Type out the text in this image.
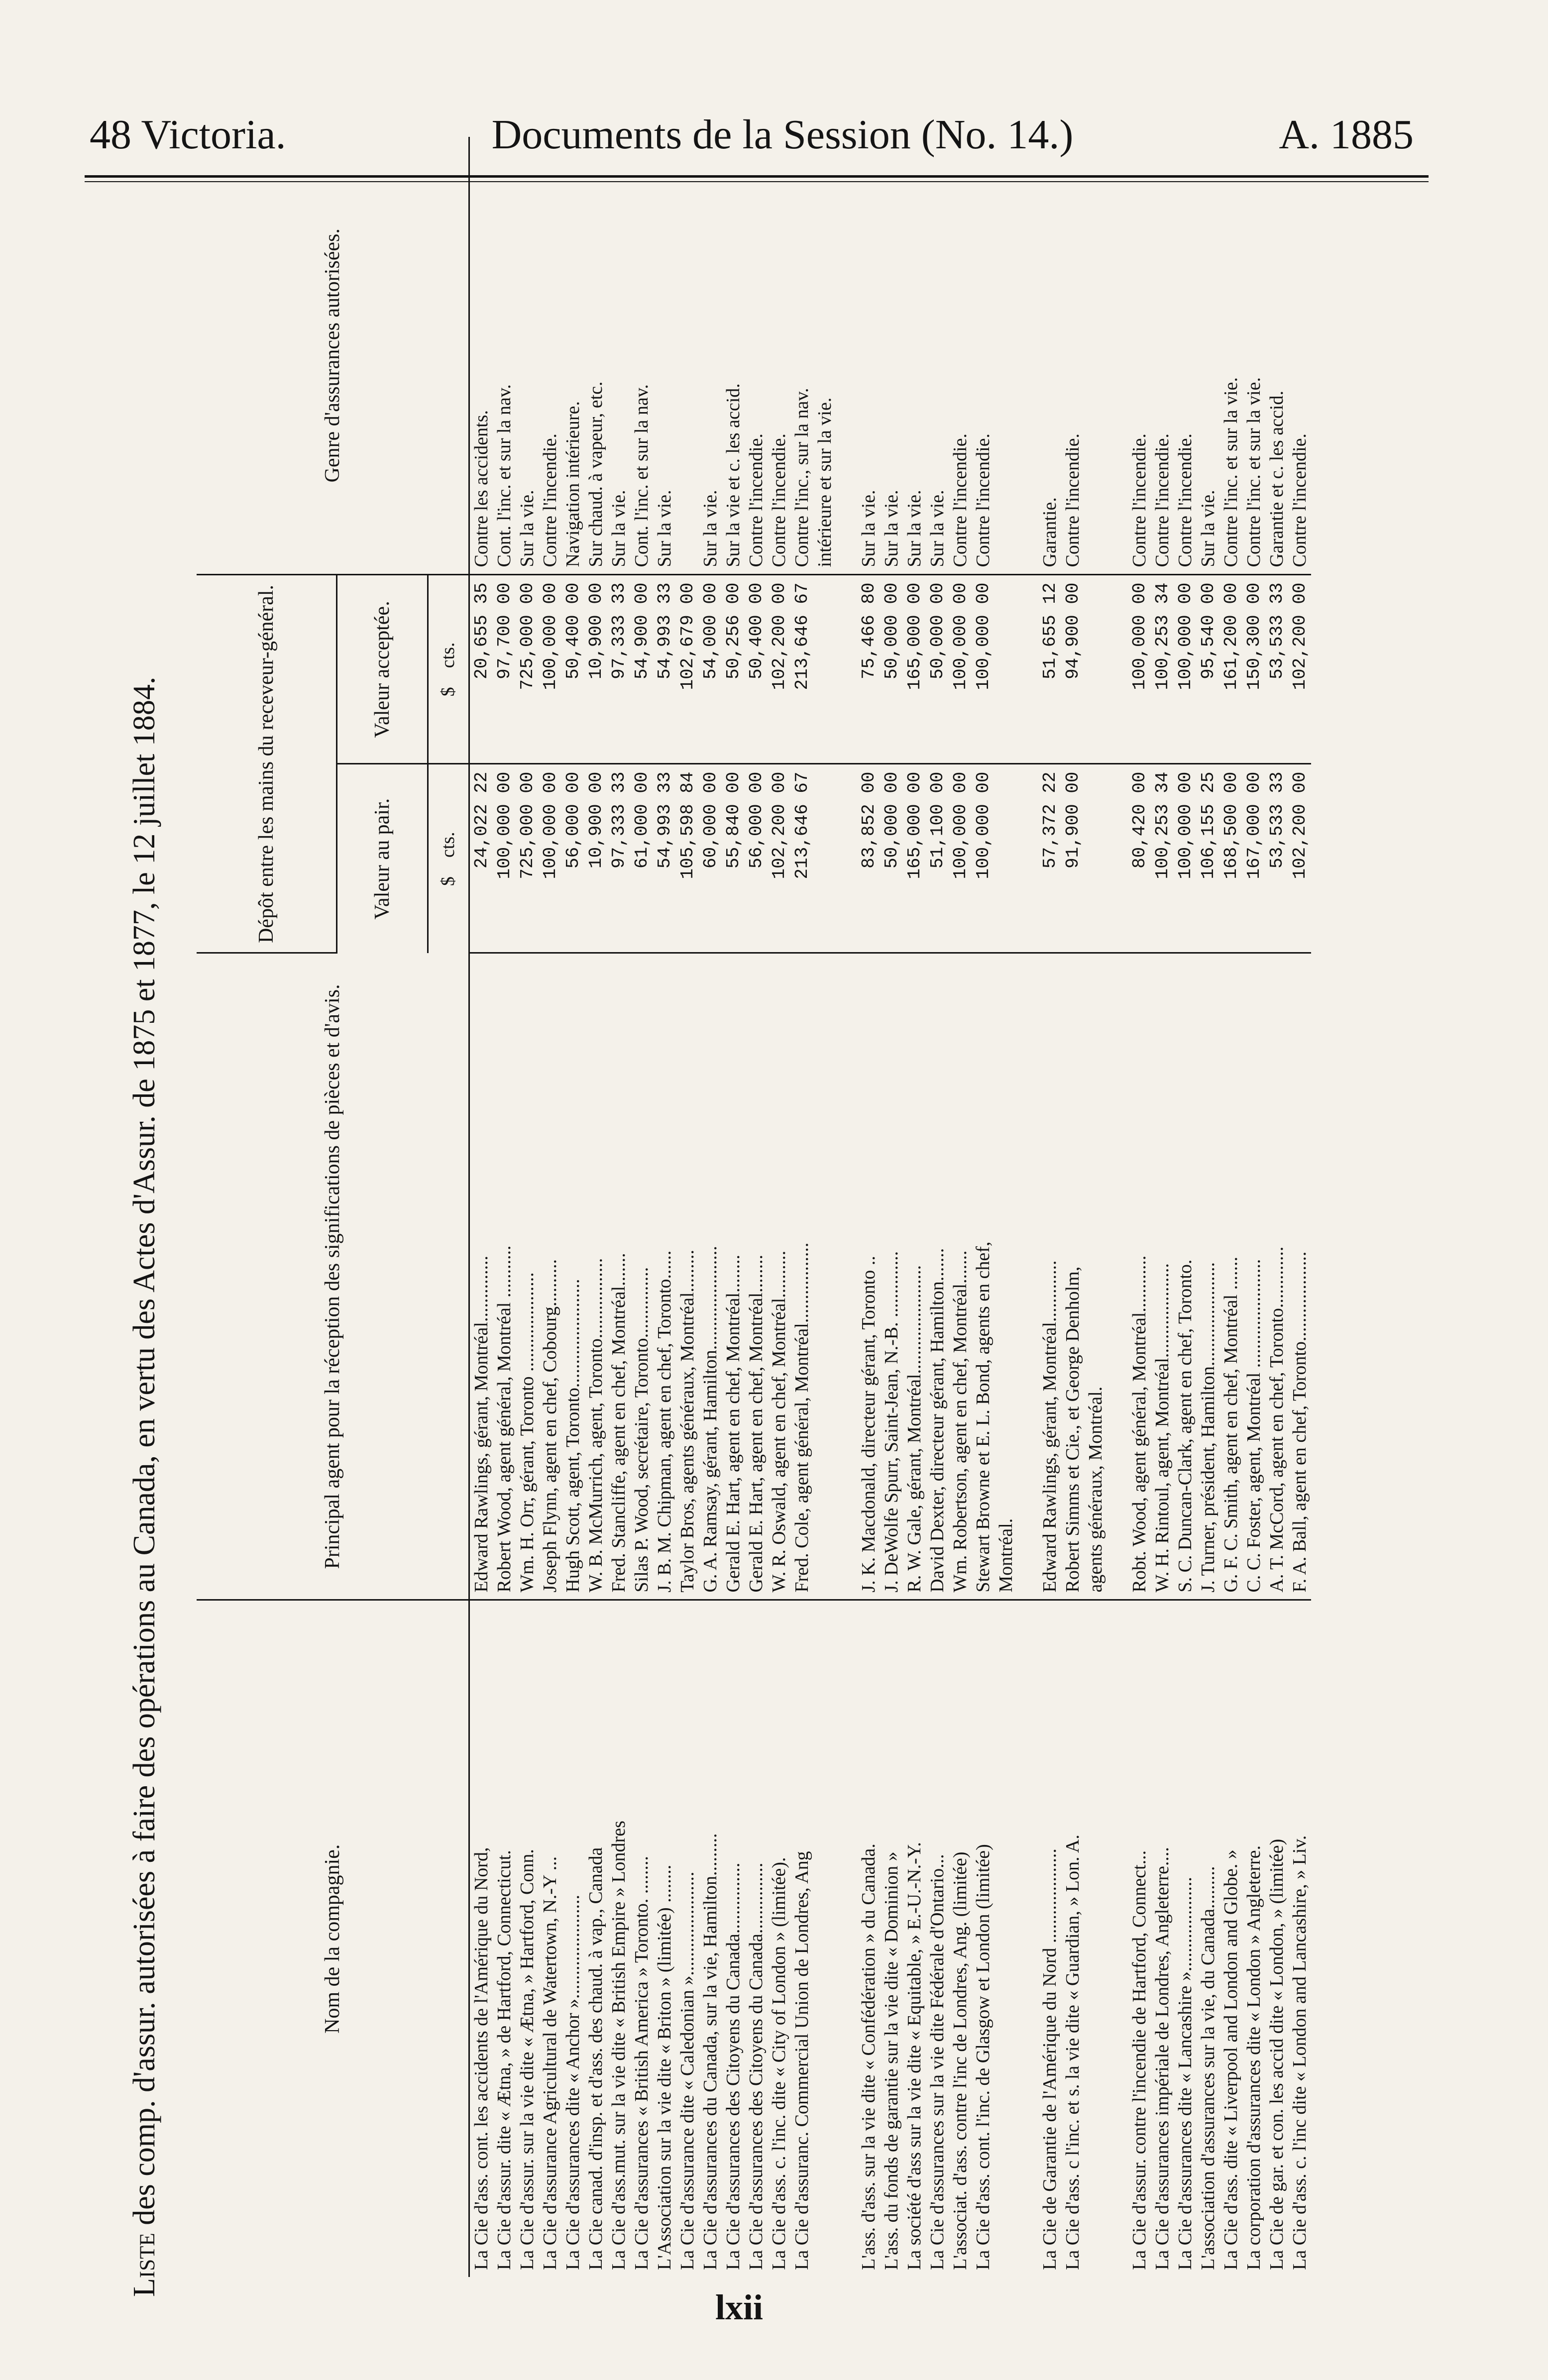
48 Victoria.	Documents de la Session (No. 14.)	A. 1885
Liste des comp. d'assur. autorisées à faire des opérations au Canada, en vertu des Actes d'Assur. de 1875 et 1877, le 12 juillet 1884.	Nom de la compagnie.	Principal agent pour la réception des significations de pièces et d'avis.	Dépôt entre les mains du receveur-général.		Genre d'assurances autorisées.
		Valeur au pair.	Valeur acceptée.	
		$    cts.	$    cts.	
La Cie d'ass. cont. les accidents de l'Amérique du Nord,	Edward Rawlings, gérant, Montréal..............	24,022 22	20,655 35	Contre les accidents.
La Cie d'assur. dite « Ætna, » de Hartford, Connecticut.	Robert Wood, agent général, Montréal ...........	100,000 00	97,700 00	Cont. l'inc. et sur la nav.
La Cie d'assur. sur la vie dite « Ætna, » Hartford, Conn.	Wm. H. Orr, gérant, Toronto .....................	725,000 00	725,000 00	Sur la vie.
La Cie d'assurance Agricultural de Watertown, N.-Y ...	Joseph Flynn, agent en chef, Cobourg..........	100,000 00	100,000 00	Contre l'incendie.
La Cie d'assurances dite « Anchor »......................	Hugh Scott, agent, Toronto.......................	56,000 00	50,400 00	Navigation intérieure.
La Cie canad. d'insp. et d'ass. des chaud. à vap., Canada	W. B. McMurrich, agent, Toronto.................	10,900 00	10,900 00	Sur chaud. à vapeur, etc.
La Cie d'ass.mut. sur la vie dite « British Empire » Londres	Fred. Stancliffe, agent en chef, Montréal.......	97,333 33	97,333 33	Sur la vie.
La Cie d'assurances « British America » Toronto. ........	Silas P. Wood, secrétaire, Toronto...............	61,000 00	54,900 00	Cont. l'inc. et sur la nav.
L'Association sur la vie dite « Briton » (limitée) ........	J. B. M. Chipman, agent en chef, Toronto......	54,993 33	54,993 33	Sur la vie.
La Cie d'assurance dite « Caledonian »......................	Taylor Bros, agents généraux, Montréal.........	105,598 84	102,679 00	
La Cie d'assurances du Canada, sur la vie, Hamilton.........	G. A. Ramsay, gérant, Hamilton......................	60,000 00	54,000 00	Sur la vie.
La Cie d'assurances des Citoyens du Canada...............	Gerald E. Hart, agent en chef, Montréal........	55,840 00	50,256 00	Sur la vie et c. les accid.
La Cie d'assurances des Citoyens du Canada...............	Gerald E. Hart, agent en chef, Montréal........	56,000 00	50,400 00	Contre l'incendie.
La Cie d'ass. c. l'inc. dite « City of London » (limitée).	W. R. Oswald, agent en chef, Montréal..........	102,200 00	102,200 00	Contre l'incendie.
La Cie d'assuranc. Commercial Union de Londres, Ang	Fred. Cole, agent général, Montréal.................	213,646 67	213,646 67	Contre l'inc., sur la nav.
				intérieure et sur la vie.

L'ass. d'ass. sur la vie dite « Confédération » du Canada.	J. K. Macdonald, directeur gérant, Toronto ..	83,852 00	75,466 80	Sur la vie.
L'ass. du fonds de garantie sur la vie dite « Dominion »	J. DeWolfe Spurr, Saint-Jean, N.-B. ..............	50,000 00	50,000 00	Sur la vie.
La société d'ass sur la vie dite « Equitable, » E.-U.-N.-Y.	R. W. Gale, gérant, Montréal.......................	165,000 00	165,000 00	Sur la vie.
La Cie d'assurances sur la vie dite Fédérale d'Ontario...	David Dexter, directeur gérant, Hamilton.......	51,100 00	50,000 00	Sur la vie.
L'associat. d'ass. contre l'inc de Londres, Ang. (limitée)	Wm. Robertson, agent en chef, Montréal.......	100,000 00	100,000 00	Contre l'incendie.
La Cie d'ass. cont. l'inc. de Glasgow et London (limitée)	Stewart Browne et E. L. Bond, agents en chef,	100,000 00	100,000 00	Contre l'incendie.
	Montréal.			

La Cie de Garantie de l'Amérique du Nord ....................	Edward Rawlings, gérant, Montréal.............	57,372 22	51,655 12	Garantie.
La Cie d'ass. c l'inc. et s. la vie dite « Guardian, » Lon. A.	Robert Simms et Cie., et George Denholm,	91,900 00	94,900 00	Contre l'incendie.
	agents généraux, Montréal.			

La Cie d'assur. contre l'incendie de Hartford, Connect...	Robt. Wood, agent général, Montréal............	80,420 00	100,000 00	Contre l'incendie.
La Cie d'assurances impériale de Londres, Angleterre....	W. H. Rintoul, agent, Montréal....................	100,253 34	100,253 34	Contre l'incendie.
La Cie d'assurances dite « Lancashire »....................	S. C. Duncan-Clark, agent en chef, Toronto.	100,000 00	100,000 00	Contre l'incendie.
L'association d'assurances sur la vie, du Canada.........	J. Turner, président, Hamilton......................	106,155 25	95,540 00	Sur la vie.
La Cie d'ass. dite « Liverpool and London and Globe. »	G. F. C. Smith, agent en chef, Montréal .......	168,500 00	161,200 00	Contre l'inc. et sur la vie.
La corporation d'assurances dite « London » Angleterre.	C. C. Foster, agent, Montréal .......................	167,000 00	150,300 00	Contre l'inc. et sur la vie.
La Cie de gar. et con. les accid dite « London, » (limitée)	A. T. McCord, agent en chef, Toronto.............	53,533 33	53,533 33	Garantie et c. les accid.
La Cie d'ass. c. l'inc dite « London and Lancashire, » Liv.	F. A. Ball, agent en chef, Toronto...................	102,200 00	102,200 00	Contre l'incendie.
lxii
